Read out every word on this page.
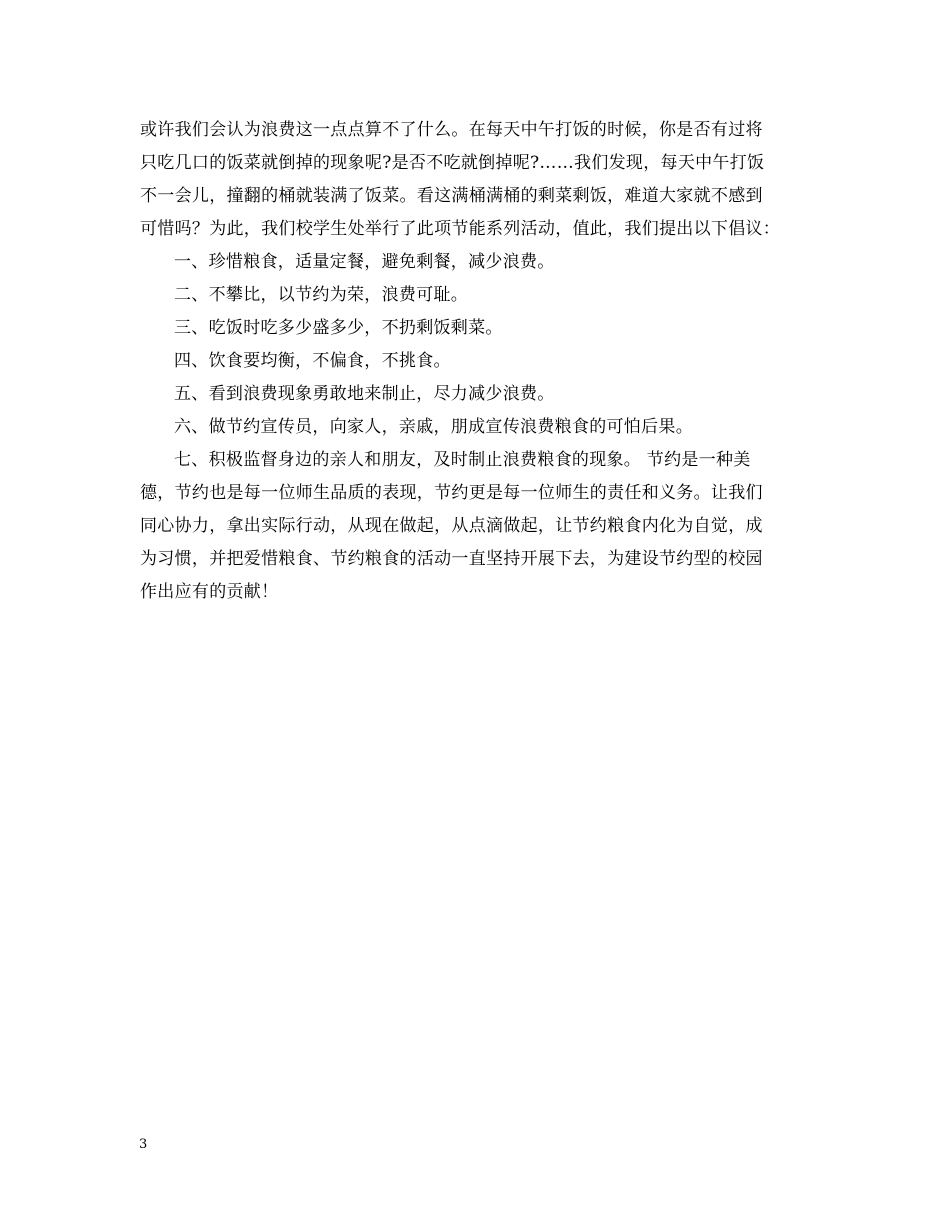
或许我们会认为浪费这一点点算不了什么。在每天中午打饭的时候，你是否有过将
只吃几口的饭菜就倒掉的现象呢?是否不吃就倒掉呢?……我们发现，每天中午打饭
不一会儿，撞翻的桶就装满了饭菜。看这满桶满桶的剩菜剩饭，难道大家就不感到
可惜吗？为此，我们校学生处举行了此项节能系列活动，值此，我们提出以下倡议：
一、珍惜粮食，适量定餐，避免剩餐，减少浪费。
二、不攀比，以节约为荣，浪费可耻。
三、吃饭时吃多少盛多少，不扔剩饭剩菜。
四、饮食要均衡，不偏食，不挑食。
五、看到浪费现象勇敢地来制止，尽力减少浪费。
六、做节约宣传员，向家人，亲戚，朋成宣传浪费粮食的可怕后果。
七、积极监督身边的亲人和朋友，及时制止浪费粮食的现象。 节约是一种美
德，节约也是每一位师生品质的表现，节约更是每一位师生的责任和义务。让我们
同心协力，拿出实际行动，从现在做起，从点滴做起，让节约粮食内化为自觉，成
为习惯，并把爱惜粮食、节约粮食的活动一直坚持开展下去，为建设节约型的校园
作出应有的贡献！
3
